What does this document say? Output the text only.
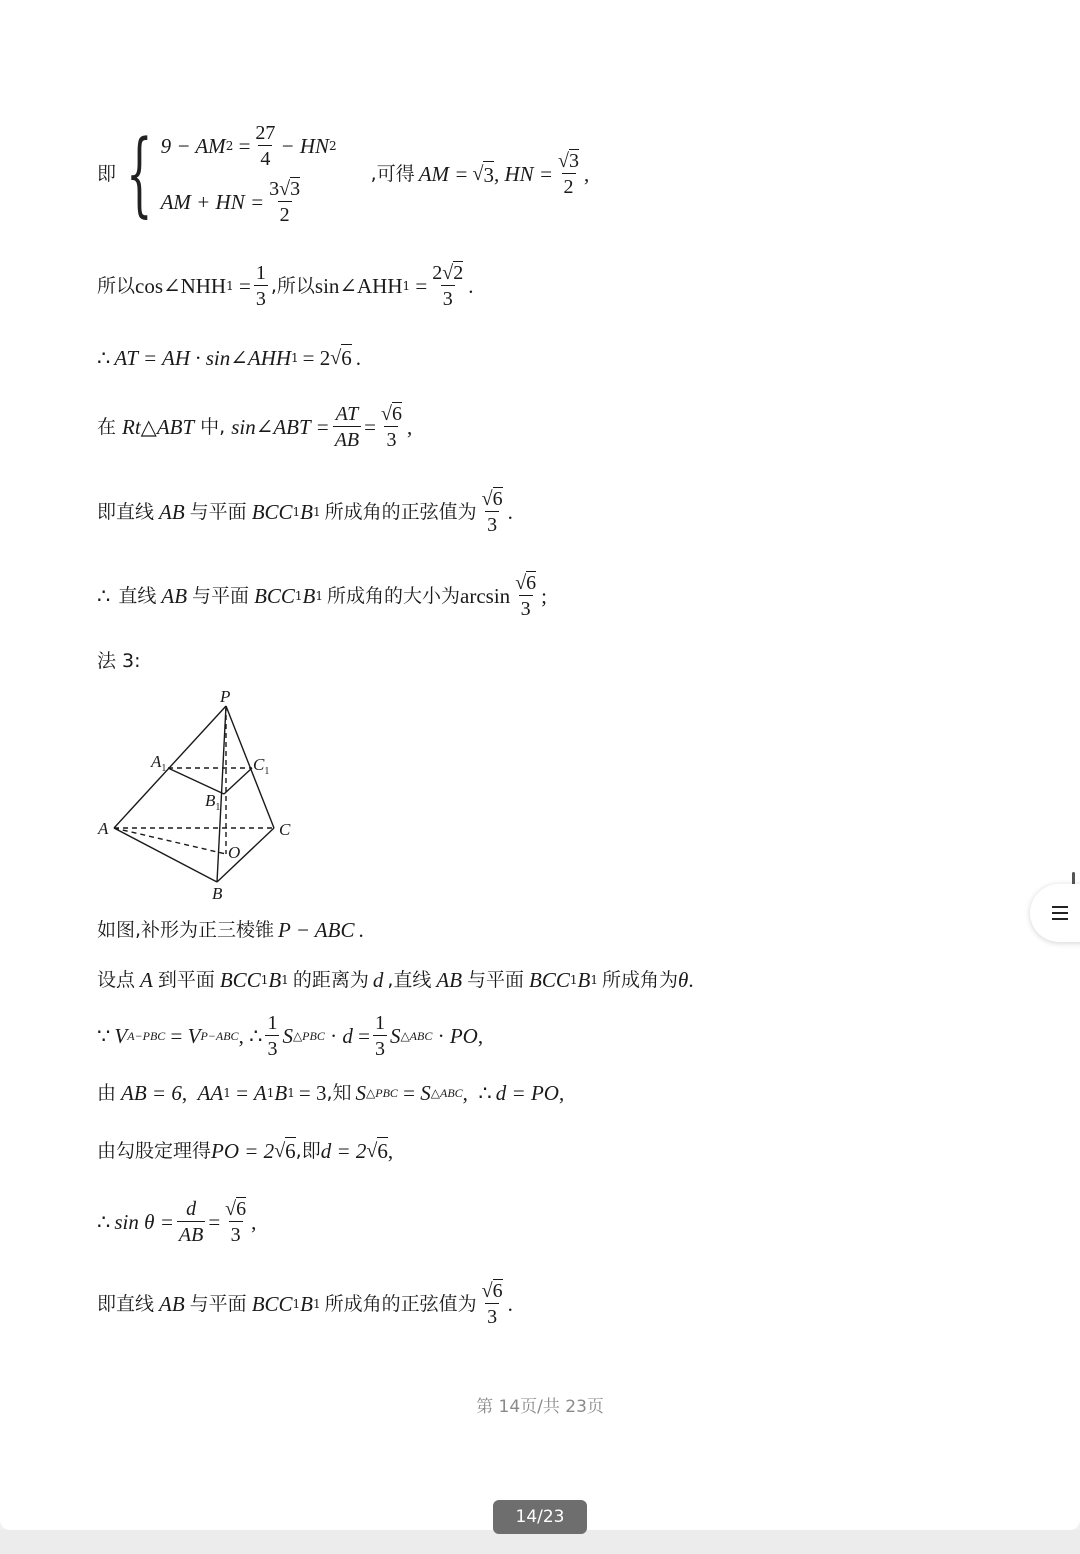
即 { 9 − AM $2 = \frac{27}{4}$ − HN 2
AM + HN = $\frac{3√3}{2}$
,可得 AM = √ 3 , HN = $\frac{√3}{2}$ ,
所以 cos∠NHH $1 = \frac{1}{3}$ ,所以 sin∠AHH $1 = \frac{2√2}{3}$ .
∴ AT = AH · sin∠AHH 1 = 2 √ 6 .
在 Rt△ABT 中, sin∠ABT = $\frac{AT}{AB} = \frac{√6}{3}$ ,
即直线 AB 与平面 BCC 1 B 1 所成角的正弦值为 $\frac{√6}{3}$ .
∴ 直线 AB 与平面 BCC 1 B 1 所成角的大小为 $\arcsin \frac{√6}{3}$ ;
法 3:
P
$A_1$	$C_1$
$B_1$
A	C
O
B
如图,补形为正三棱锥 P − ABC .
设点 A 到平面 BCC 1 B 1 的距离为 d ,直线 AB 与平面 BCC 1 B 1 所成角为 θ .
∵ V A−PBC = V P−ABC , ∴ $\frac{1}{3}$ S △PBC · $d = \frac{1}{3}$ S △ABC · PO ,
由 AB = 6 , AA 1 = A 1 B 1 = 3 ,知 S △PBC = S △ABC , ∴ d = PO ,
由勾股定理得 PO = 2 √ 6 ,即 d = 2 √ 6 ,
∴ $\sin \theta = \frac{d}{AB} = \frac{√6}{3}$ ,
即直线 AB 与平面 BCC 1 B 1 所成角的正弦值为 $\frac{√6}{3}$ .
第 14页/共 23页
14/23
